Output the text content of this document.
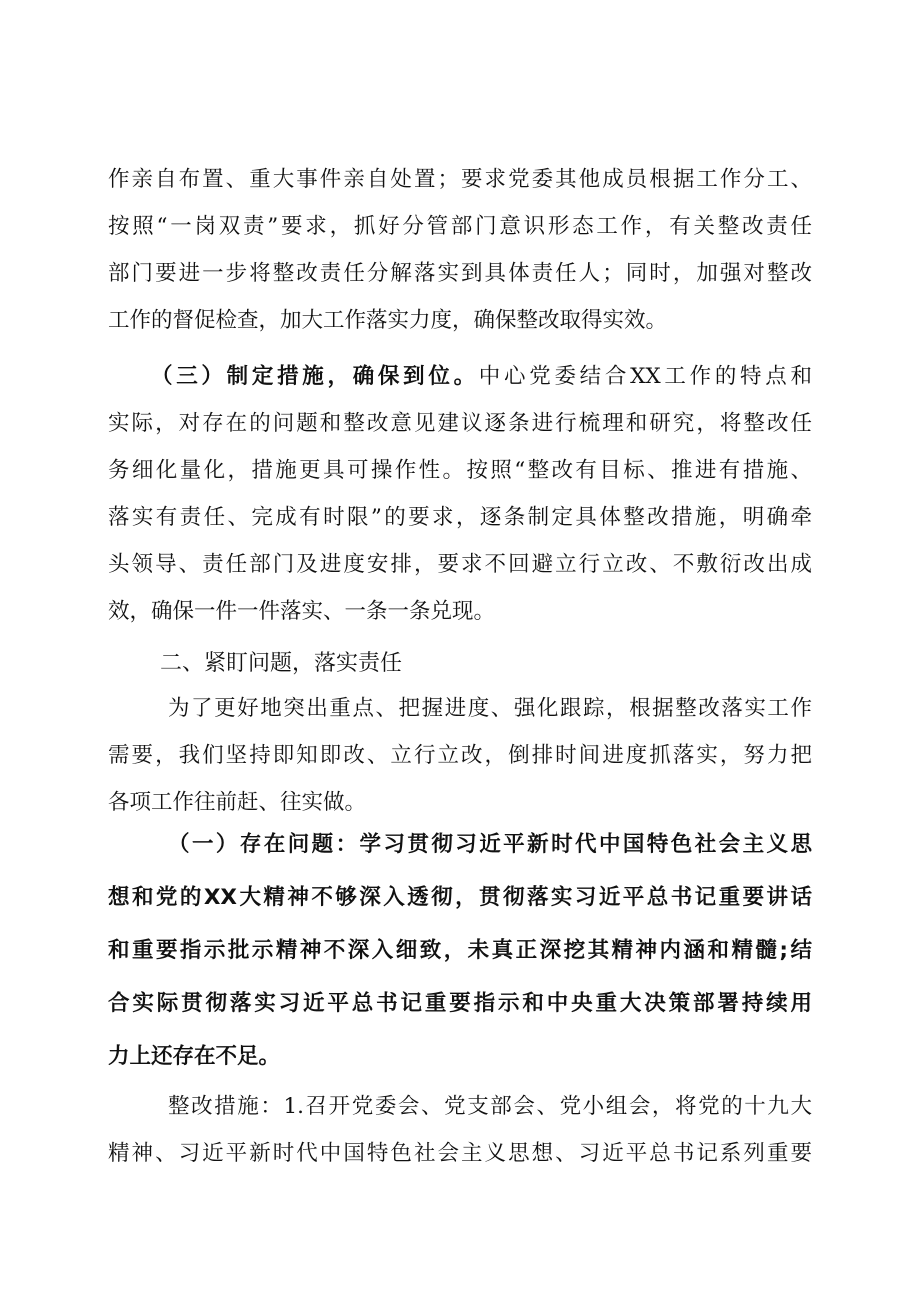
作亲自布置、重大事件亲自处置；要求党委其他成员根据工作分工、
按照“一岗双责”要求，抓好分管部门意识形态工作，有关整改责任
部门要进一步将整改责任分解落实到具体责任人；同时，加强对整改
工作的督促检查，加大工作落实力度，确保整改取得实效。
（三）制定措施，确保到位。中心党委结合XX工作的特点和
实际，对存在的问题和整改意见建议逐条进行梳理和研究，将整改任
务细化量化，措施更具可操作性。按照“整改有目标、推进有措施、
落实有责任、完成有时限”的要求，逐条制定具体整改措施，明确牵
头领导、责任部门及进度安排，要求不回避立行立改、不敷衍改出成
效，确保一件一件落实、一条一条兑现。
二、紧盯问题，落实责任
为了更好地突出重点、把握进度、强化跟踪，根据整改落实工作
需要，我们坚持即知即改、立行立改，倒排时间进度抓落实，努力把
各项工作往前赶、往实做。
（一）存在问题：学习贯彻习近平新时代中国特色社会主义思
想和党的XX大精神不够深入透彻，贯彻落实习近平总书记重要讲话
和重要指示批示精神不深入细致，未真正深挖其精神内涵和精髓;结
合实际贯彻落实习近平总书记重要指示和中央重大决策部署持续用
力上还存在不足。
整改措施：1.召开党委会、党支部会、党小组会，将党的十九大
精神、习近平新时代中国特色社会主义思想、习近平总书记系列重要
